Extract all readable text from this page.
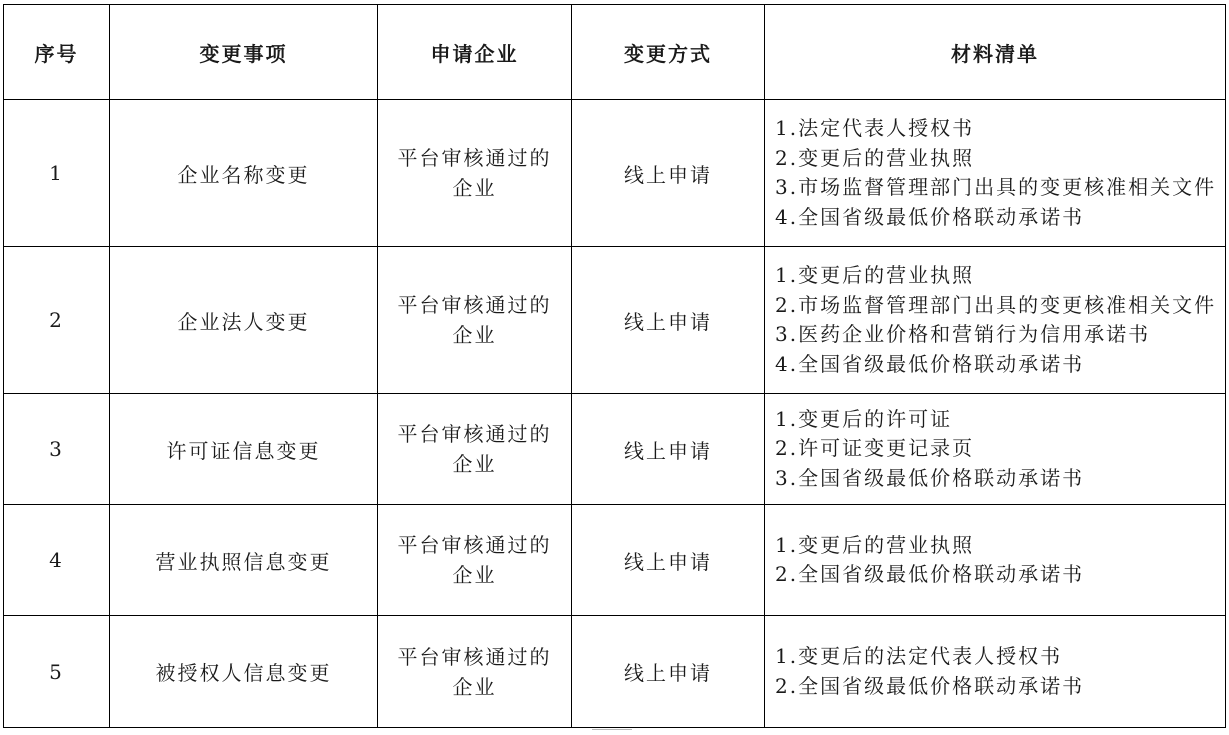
序号	变更事项	申请企业	变更方式	材料清单
1	企业名称变更	平台审核通过的企业	线上申请	1.法定代表人授权书
2.变更后的营业执照
3.市场监督管理部门出具的变更核准相关文件
4.全国省级最低价格联动承诺书

2	企业法人变更	平台审核通过的企业	线上申请	1.变更后的营业执照
2.市场监督管理部门出具的变更核准相关文件
3.医药企业价格和营销行为信用承诺书
4.全国省级最低价格联动承诺书

3	许可证信息变更	平台审核通过的企业	线上申请	1.变更后的许可证
2.许可证变更记录页
3.全国省级最低价格联动承诺书

4	营业执照信息变更	平台审核通过的企业	线上申请	1.变更后的营业执照
2.全国省级最低价格联动承诺书

5	被授权人信息变更	平台审核通过的企业	线上申请	1.变更后的法定代表人授权书
2.全国省级最低价格联动承诺书
